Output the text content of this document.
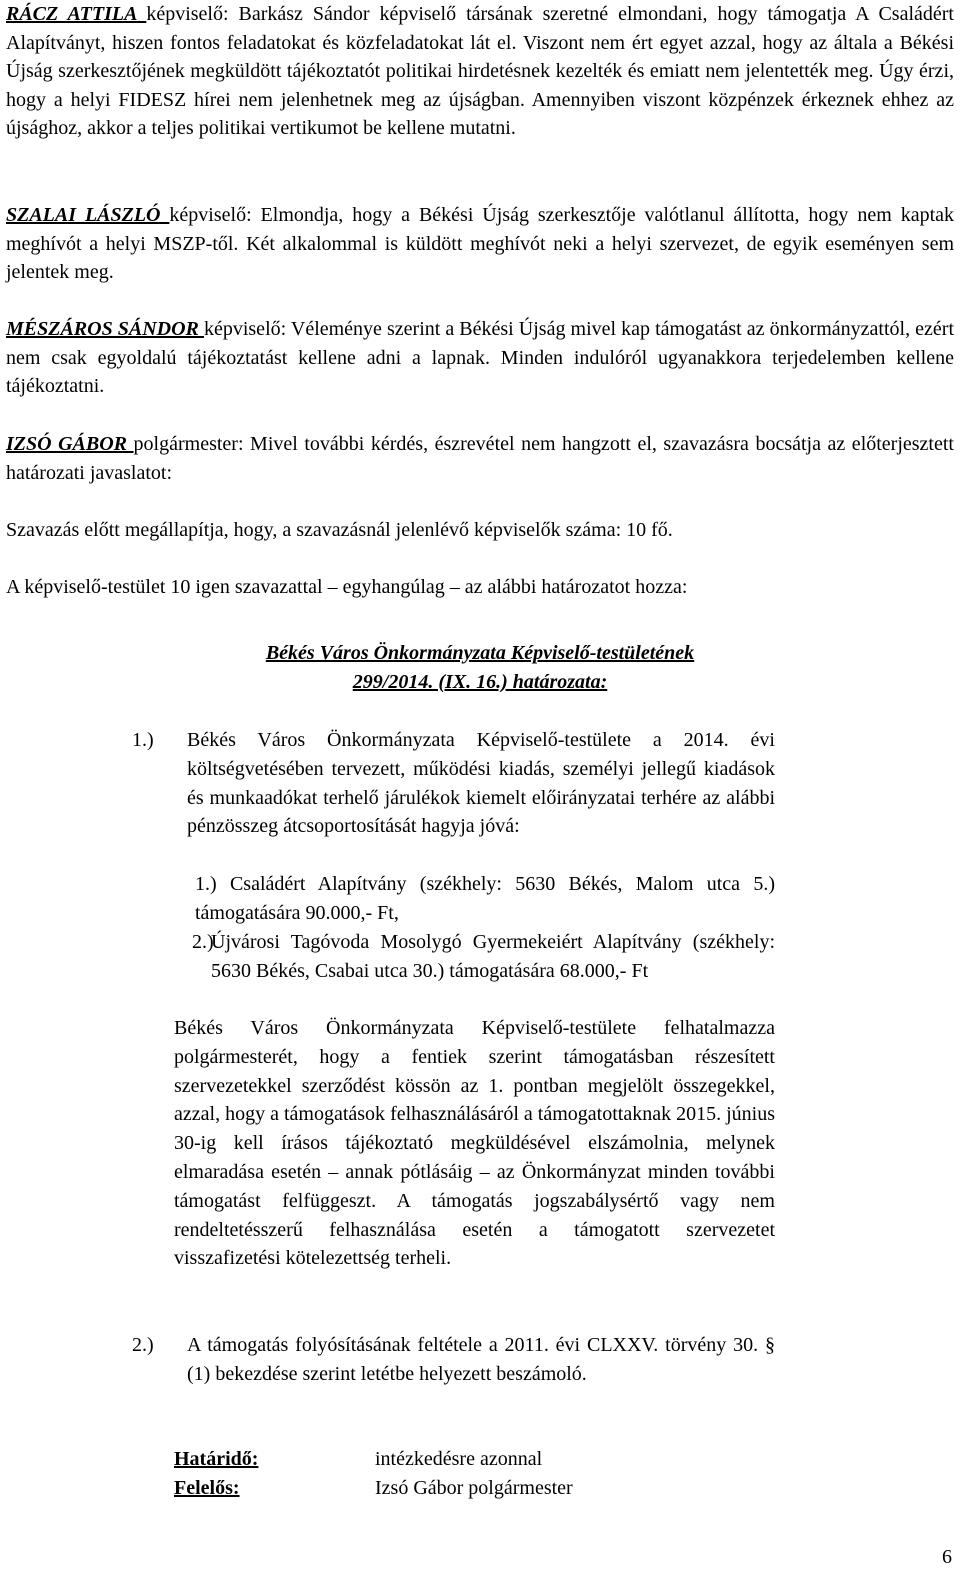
RÁCZ ATTILA képviselő: Barkász Sándor képviselő társának szeretné elmondani, hogy támogatja A Családért Alapítványt, hiszen fontos feladatokat és közfeladatokat lát el. Viszont nem ért egyet azzal, hogy az általa a Békési Újság szerkesztőjének megküldött tájékoztatót politikai hirdetésnek kezelték és emiatt nem jelentették meg. Úgy érzi, hogy a helyi FIDESZ hírei nem jelenhetnek meg az újságban. Amennyiben viszont közpénzek érkeznek ehhez az újsághoz, akkor a teljes politikai vertikumot be kellene mutatni.

SZALAI LÁSZLÓ képviselő: Elmondja, hogy a Békési Újság szerkesztője valótlanul állította, hogy nem kaptak meghívót a helyi MSZP-től. Két alkalommal is küldött meghívót neki a helyi szervezet, de egyik eseményen sem jelentek meg.

MÉSZÁROS SÁNDOR képviselő: Véleménye szerint a Békési Újság mivel kap támogatást az önkormányzattól, ezért nem csak egyoldalú tájékoztatást kellene adni a lapnak. Minden indulóról ugyanakkora terjedelemben kellene tájékoztatni.

IZSÓ GÁBOR polgármester: Mivel további kérdés, észrevétel nem hangzott el, szavazásra bocsátja az előterjesztett határozati javaslatot:

Szavazás előtt megállapítja, hogy, a szavazásnál jelenlévő képviselők száma: 10 fő.

A képviselő-testület 10 igen szavazattal – egyhangúlag – az alábbi határozatot hozza:

Békés Város Önkormányzata Képviselő-testületének
299/2014. (IX. 16.) határozata:
1.) Békés Város Önkormányzata Képviselő-testülete a 2014. évi költségvetésében tervezett, működési kiadás, személyi jellegű kiadások és munkaadókat terhelő járulékok kiemelt előirányzatai terhére az alábbi pénzösszeg átcsoportosítását hagyja jóvá:

1.) Családért Alapítvány (székhely: 5630 Békés, Malom utca 5.) támogatására 90.000,- Ft,

2.)

Újvárosi Tagóvoda Mosolygó Gyermekeiért Alapítvány (székhely: 5630 Békés, Csabai utca 30.) támogatására 68.000,- Ft

Békés Város Önkormányzata Képviselő-testülete felhatalmazza polgármesterét, hogy a fentiek szerint támogatásban részesített szervezetekkel szerződést kössön az 1. pontban megjelölt összegekkel, azzal, hogy a támogatások felhasználásáról a támogatottaknak 2015. június 30-ig kell írásos tájékoztató megküldésével elszámolnia, melynek elmaradása esetén – annak pótlásáig – az Önkormányzat minden további támogatást felfüggeszt. A támogatás jogszabálysértő vagy nem rendeltetésszerű felhasználása esetén a támogatott szervezetet visszafizetési kötelezettség terheli.

2.) A támogatás folyósításának feltétele a 2011. évi CLXXV. törvény 30. § (1) bekezdése szerint letétbe helyezett beszámoló.

Határidő:	intézkedésre azonnal
Felelős:	Izsó Gábor polgármester
6
